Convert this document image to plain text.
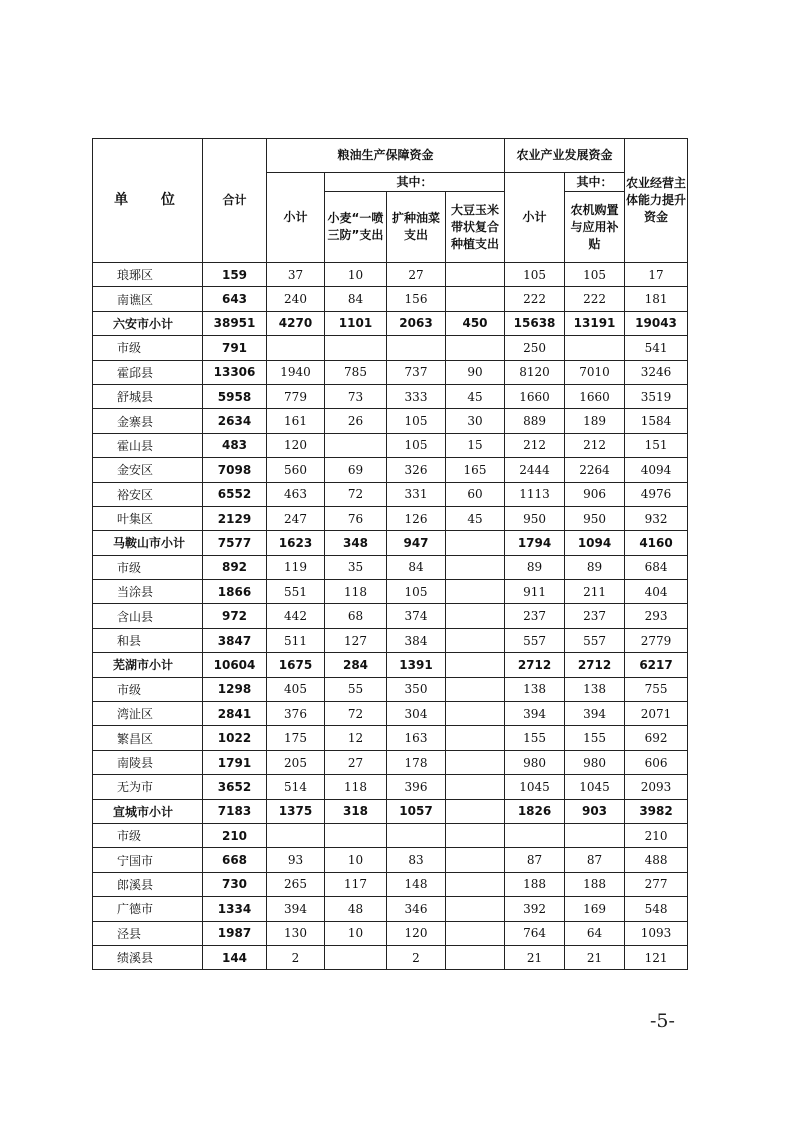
单 位	合计	粮油生产保障资金				农业产业发展资金		农业经营主体能力提升资金
		小计	其中：			小计	其中：	
			小麦“一喷三防”支出	扩种油菜支出	大豆玉米带状复合种植支出		农机购置与应用补贴	
琅琊区	159	37	10	27		105	105	17
南谯区	643	240	84	156		222	222	181
六安市小计	38951	4270	1101	2063	450	15638	13191	19043
市级	791					250		541
霍邱县	13306	1940	785	737	90	8120	7010	3246
舒城县	5958	779	73	333	45	1660	1660	3519
金寨县	2634	161	26	105	30	889	189	1584
霍山县	483	120		105	15	212	212	151
金安区	7098	560	69	326	165	2444	2264	4094
裕安区	6552	463	72	331	60	1113	906	4976
叶集区	2129	247	76	126	45	950	950	932
马鞍山市小计	7577	1623	348	947		1794	1094	4160
市级	892	119	35	84		89	89	684
当涂县	1866	551	118	105		911	211	404
含山县	972	442	68	374		237	237	293
和县	3847	511	127	384		557	557	2779
芜湖市小计	10604	1675	284	1391		2712	2712	6217
市级	1298	405	55	350		138	138	755
湾沚区	2841	376	72	304		394	394	2071
繁昌区	1022	175	12	163		155	155	692
南陵县	1791	205	27	178		980	980	606
无为市	3652	514	118	396		1045	1045	2093
宣城市小计	7183	1375	318	1057		1826	903	3982
市级	210							210
宁国市	668	93	10	83		87	87	488
郎溪县	730	265	117	148		188	188	277
广德市	1334	394	48	346		392	169	548
泾县	1987	130	10	120		764	64	1093
绩溪县	144	2		2		21	21	121
-5-
